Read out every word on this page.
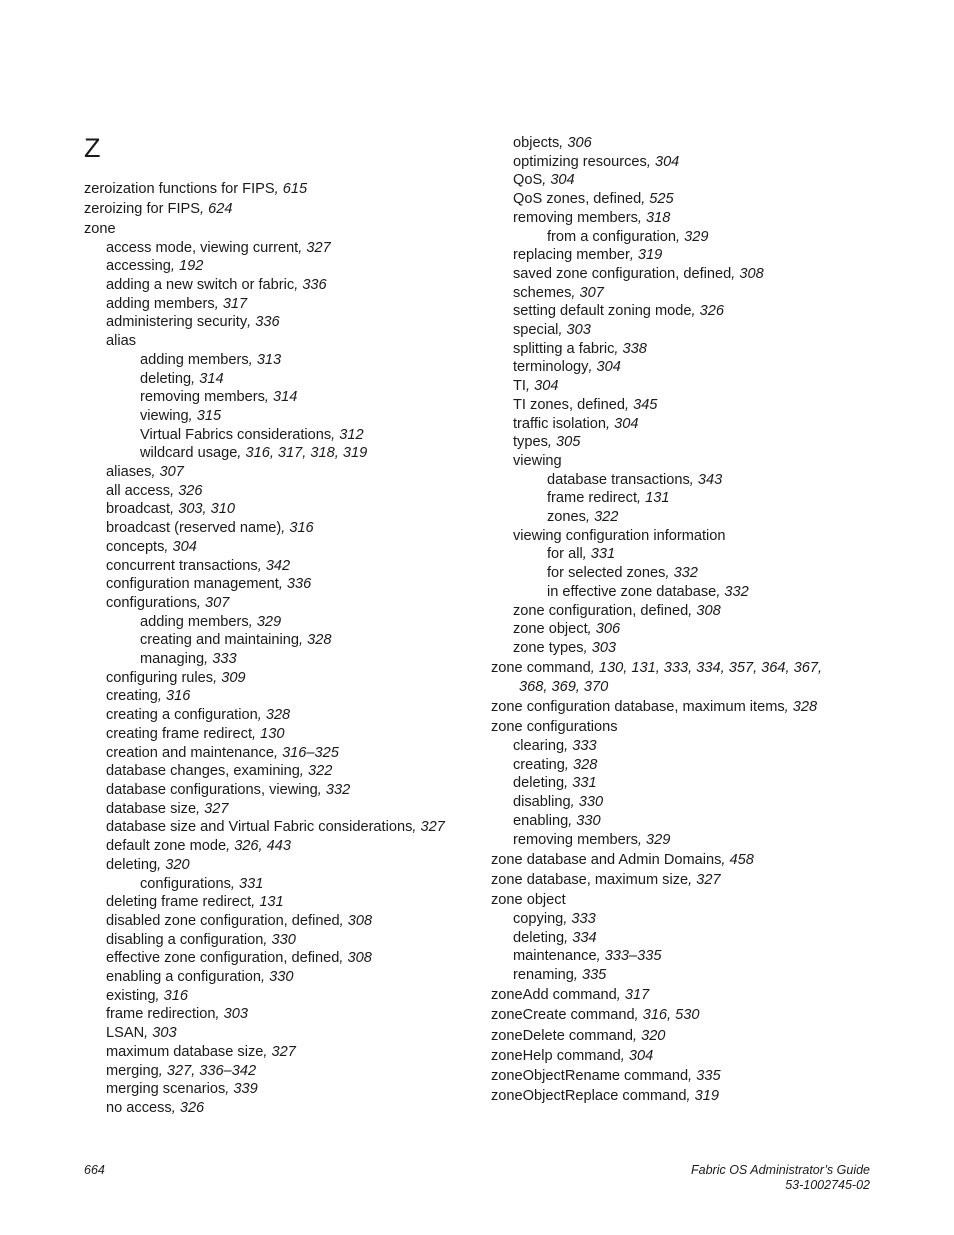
Z
zeroization functions for FIPS, 615
zeroizing for FIPS, 624
zone
access mode, viewing current, 327
accessing, 192
adding a new switch or fabric, 336
adding members, 317
administering security, 336
alias
adding members, 313
deleting, 314
removing members, 314
viewing, 315
Virtual Fabrics considerations, 312
wildcard usage, 316, 317, 318, 319
aliases, 307
all access, 326
broadcast, 303, 310
broadcast (reserved name), 316
concepts, 304
concurrent transactions, 342
configuration management, 336
configurations, 307
adding members, 329
creating and maintaining, 328
managing, 333
configuring rules, 309
creating, 316
creating a configuration, 328
creating frame redirect, 130
creation and maintenance, 316–325
database changes, examining, 322
database configurations, viewing, 332
database size, 327
database size and Virtual Fabric considerations, 327
default zone mode, 326, 443
deleting, 320
configurations, 331
deleting frame redirect, 131
disabled zone configuration, defined, 308
disabling a configuration, 330
effective zone configuration, defined, 308
enabling a configuration, 330
existing, 316
frame redirection, 303
LSAN, 303
maximum database size, 327
merging, 327, 336–342
merging scenarios, 339
no access, 326
objects, 306
optimizing resources, 304
QoS, 304
QoS zones, defined, 525
removing members, 318
from a configuration, 329
replacing member, 319
saved zone configuration, defined, 308
schemes, 307
setting default zoning mode, 326
special, 303
splitting a fabric, 338
terminology, 304
TI, 304
TI zones, defined, 345
traffic isolation, 304
types, 305
viewing
database transactions, 343
frame redirect, 131
zones, 322
viewing configuration information
for all, 331
for selected zones, 332
in effective zone database, 332
zone configuration, defined, 308
zone object, 306
zone types, 303
zone command, 130, 131, 333, 334, 357, 364, 367,
368, 369, 370
zone configuration database, maximum items, 328
zone configurations
clearing, 333
creating, 328
deleting, 331
disabling, 330
enabling, 330
removing members, 329
zone database and Admin Domains, 458
zone database, maximum size, 327
zone object
copying, 333
deleting, 334
maintenance, 333–335
renaming, 335
zoneAdd command, 317
zoneCreate command, 316, 530
zoneDelete command, 320
zoneHelp command, 304
zoneObjectRename command, 335
zoneObjectReplace command, 319
664	Fabric OS Administrator’s Guide
53-1002745-02
